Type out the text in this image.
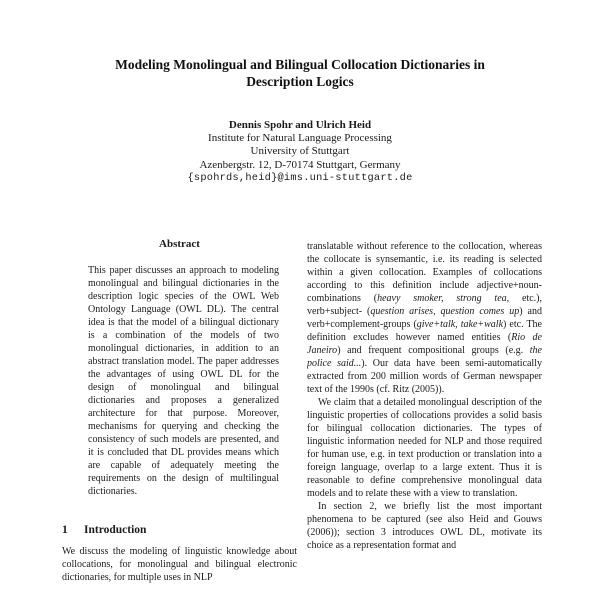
Modeling Monolingual and Bilingual Collocation Dictionaries in
Description Logics
Dennis Spohr and Ulrich Heid
Institute for Natural Language Processing
University of Stuttgart
Azenbergstr. 12, D-70174 Stuttgart, Germany
{spohrds,heid}@ims.uni-stuttgart.de
Abstract

This paper discusses an approach to modeling monolingual and bilingual dictionaries in the description logic species of the OWL Web Ontology Language (OWL DL). The central idea is that the model of a bilingual dictionary is a combination of the models of two monolingual dictionaries, in addition to an abstract translation model. The paper addresses the advantages of using OWL DL for the design of monolingual and bilingual dictionaries and proposes a generalized architecture for that purpose. Moreover, mechanisms for querying and checking the consistency of such models are presented, and it is concluded that DL provides means which are capable of adequately meeting the requirements on the design of multilingual dictionaries.

1 Introduction

We discuss the modeling of linguistic knowledge about collocations, for monolingual and bilingual electronic dictionaries, for multiple uses in NLP

translatable without reference to the collocation, whereas the collocate is synsemantic, i.e. its reading is selected within a given collocation. Examples of collocations according to this definition include adjective+noun-combinations (heavy smoker, strong tea, etc.), verb+subject- (question arises, question comes up) and verb+complement-groups (give+talk, take+walk) etc. The definition excludes however named entities (Rio de Janeiro) and frequent compositional groups (e.g. the police said...). Our data have been semi-automatically extracted from 200 million words of German newspaper text of the 1990s (cf. Ritz (2005)).

We claim that a detailed monolingual description of the linguistic properties of collocations provides a solid basis for bilingual collocation dictionaries. The types of linguistic information needed for NLP and those required for human use, e.g. in text production or translation into a foreign language, overlap to a large extent. Thus it is reasonable to define comprehensive monolingual data models and to relate these with a view to translation.

In section 2, we briefly list the most important phenomena to be captured (see also Heid and Gouws (2006)); section 3 introduces OWL DL, motivate its choice as a representation format and
